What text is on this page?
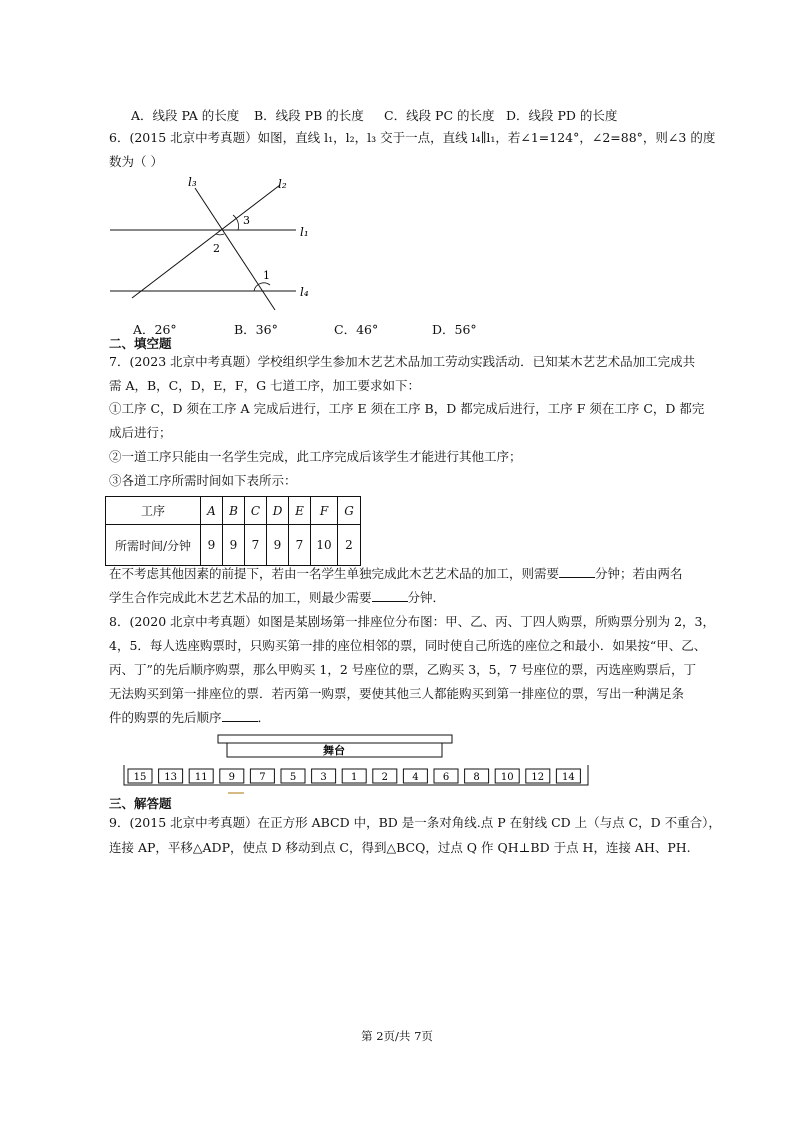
A．线段 PA 的长度 B．线段 PB 的长度 C．线段 PC 的长度 D．线段 PD 的长度
6．(2015 北京中考真题）如图，直线 l₁，l₂，l₃ 交于一点，直线 l₄∥l₁，若∠1=124°，∠2=88°，则∠3 的度
数为（ ）
l₃	l₂
l₁
l₄
3
2
1
A．26°	B．36°	C．46°	D．56°
二、填空题
7．(2023 北京中考真题）学校组织学生参加木艺艺术品加工劳动实践活动．已知某木艺艺术品加工完成共
需 A，B，C，D，E，F，G 七道工序，加工要求如下：
①工序 C，D 须在工序 A 完成后进行，工序 E 须在工序 B，D 都完成后进行，工序 F 须在工序 C，D 都完
成后进行；
②一道工序只能由一名学生完成，此工序完成后该学生才能进行其他工序；
③各道工序所需时间如下表所示：
工序	A	B	C	D	E	F	G
所需时间/分钟	9	9	7	9	7	10	2
在不考虑其他因素的前提下，若由一名学生单独完成此木艺艺术品的加工，则需要	分钟；若由两名
学生合作完成此木艺艺术品的加工，则最少需要	分钟．
8．(2020 北京中考真题）如图是某剧场第一排座位分布图：甲、乙、丙、丁四人购票，所购票分别为 2，3，
4，5．每人选座购票时，只购买第一排的座位相邻的票，同时使自己所选的座位之和最小．如果按“甲、乙、
丙、丁”的先后顺序购票，那么甲购买 1，2 号座位的票，乙购买 3，5，7 号座位的票，丙选座购票后，丁
无法购买到第一排座位的票．若丙第一购票，要使其他三人都能购买到第一排座位的票，写出一种满足条
件的购票的先后顺序	．
舞台
15 13 11 9 7 5 3 1 2 4 6 8 10 12 14
三、解答题
9．(2015 北京中考真题）在正方形 ABCD 中，BD 是一条对角线.点 P 在射线 CD 上（与点 C，D 不重合），
连接 AP，平移△ADP，使点 D 移动到点 C，得到△BCQ，过点 Q 作 QH⊥BD 于点 H，连接 AH、PH.
第 2页/共 7页
